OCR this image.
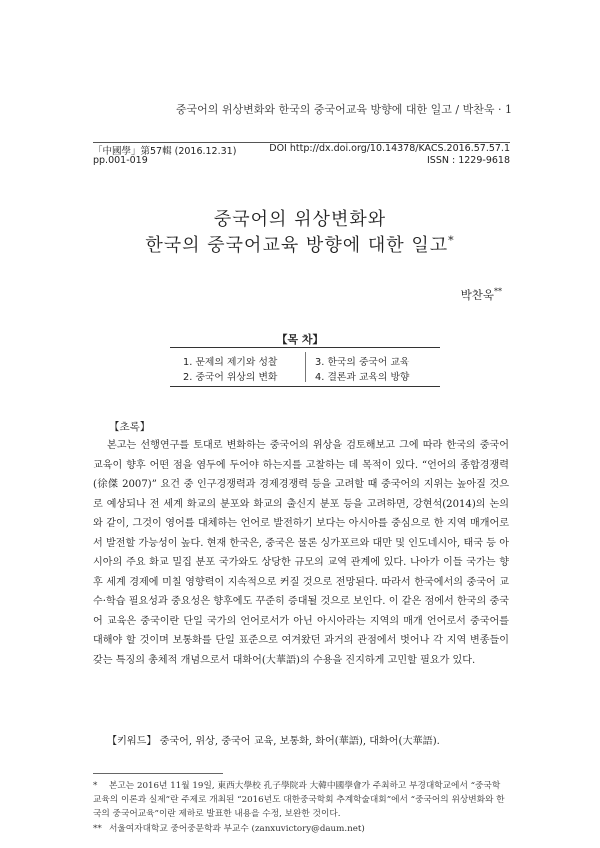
중국어의 위상변화와 한국의 중국어교육 방향에 대한 일고 / 박찬욱 · 1
「中國學」第57輯 (2016.12.31)	DOI http://dx.doi.org/10.14378/KACS.2016.57.57.1
pp.001-019	ISSN : 1229-9618
중국어의 위상변화와
한국의 중국어교육 방향에 대한 일고*
박찬욱**
【목 차】
1. 문제의 제기와 성찰
2. 중국어 위상의 변화
3. 한국의 중국어 교육
4. 결론과 교육의 방향
【초록】
본고는 선행연구를 토대로 변화하는 중국어의 위상을 검토해보고 그에 따라 한국의 중국어 교육이 향후 어떤 점을 염두에 두어야 하는지를 고찰하는 데 목적이 있다. “언어의 종합경쟁력(徐傑 2007)” 요건 중 인구경쟁력과 경제경쟁력 등을 고려할 때 중국어의 지위는 높아질 것으로 예상되나 전 세계 화교의 분포와 화교의 출신지 분포 등을 고려하면, 강현석(2014)의 논의와 같이, 그것이 영어를 대체하는 언어로 발전하기 보다는 아시아를 중심으로 한 지역 매개어로서 발전할 가능성이 높다. 현재 한국은, 중국은 물론 싱가포르와 대만 및 인도네시아, 태국 등 아시아의 주요 화교 밀집 분포 국가와도 상당한 규모의 교역 관계에 있다. 나아가 이들 국가는 향후 세계 경제에 미칠 영향력이 지속적으로 커질 것으로 전망된다. 따라서 한국에서의 중국어 교수·학습 필요성과 중요성은 향후에도 꾸준히 증대될 것으로 보인다. 이 같은 점에서 한국의 중국어 교육은 중국이란 단일 국가의 언어로서가 아닌 아시아라는 지역의 매개 언어로서 중국어를 대해야 할 것이며 보통화를 단일 표준으로 여겨왔던 과거의 관점에서 벗어나 각 지역 변종들이 갖는 특징의 총체적 개념으로서 대화어(大華語)의 수용을 진지하게 고민할 필요가 있다.
【키워드】 중국어, 위상, 중국어 교육, 보통화, 화어(華語), 대화어(大華語).
* 본고는 2016년 11월 19일, 東西大學校 孔子學院과 大韓中國學會가 주최하고 부경대학교에서 “중국학 교육의 이론과 실제”란 주제로 개최된 “2016년도 대한중국학회 추계학술대회”에서 “중국어의 위상변화와 한국의 중국어교육”이란 제하로 발표한 내용을 수정, 보완한 것이다.
** 서울여자대학교 중어중문학과 부교수 (zanxuvictory@daum.net)
